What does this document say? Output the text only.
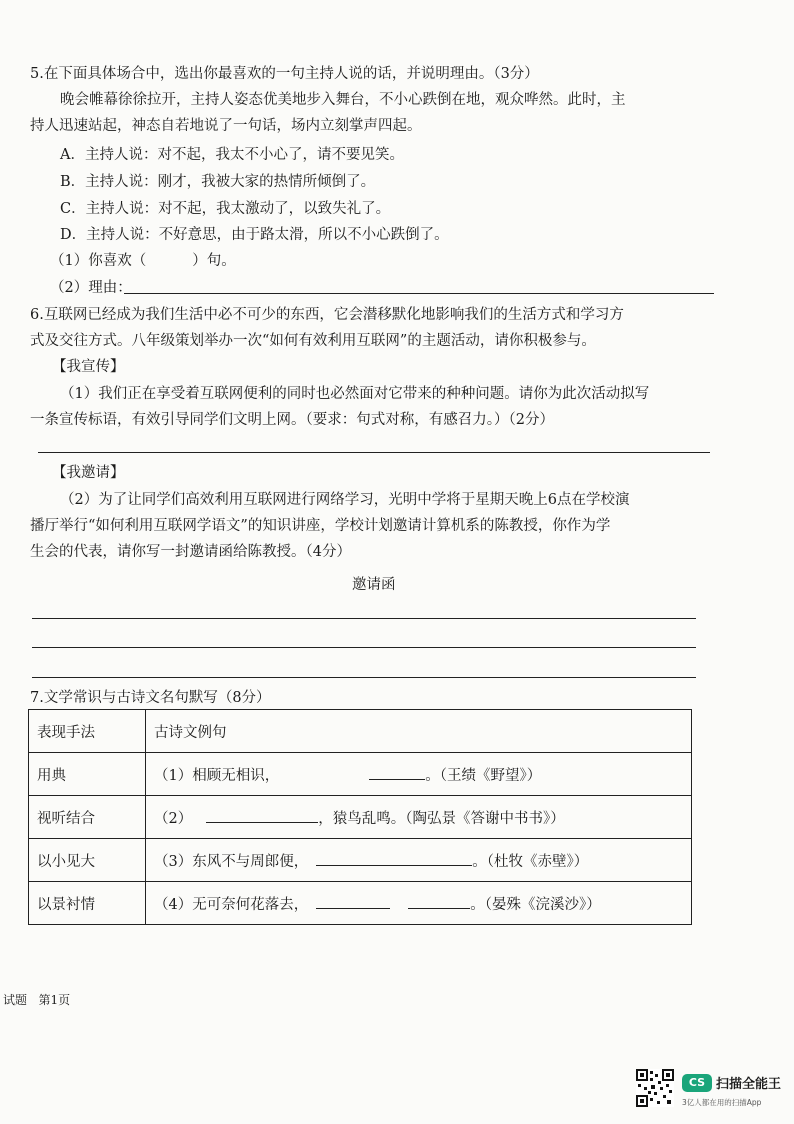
5.在下面具体场合中，选出你最喜欢的一句主持人说的话，并说明理由。（3分）
晚会帷幕徐徐拉开，主持人姿态优美地步入舞台，不小心跌倒在地，观众哗然。此时，主
持人迅速站起，神态自若地说了一句话，场内立刻掌声四起。
A．主持人说：对不起，我太不小心了，请不要见笑。
B．主持人说：刚才，我被大家的热情所倾倒了。
C．主持人说：对不起，我太激动了，以致失礼了。
D．主持人说：不好意思，由于路太滑，所以不小心跌倒了。
（1）你喜欢（	）句。
（2）理由：
6.互联网已经成为我们生活中必不可少的东西，它会潜移默化地影响我们的生活方式和学习方
式及交往方式。八年级策划举办一次“如何有效利用互联网”的主题活动，请你积极参与。
【我宣传】
（1）我们正在享受着互联网便利的同时也必然面对它带来的种种问题。请你为此次活动拟写
一条宣传标语，有效引导同学们文明上网。（要求：句式对称，有感召力。）（2分）
【我邀请】
（2）为了让同学们高效利用互联网进行网络学习，光明中学将于星期天晚上6点在学校演
播厅举行“如何利用互联网学语文”的知识讲座，学校计划邀请计算机系的陈教授，你作为学
生会的代表，请你写一封邀请函给陈教授。（4分）
邀请函
7.文学常识与古诗文名句默写（8分）
表现手法	古诗文例句
用典	（1）相顾无相识， 。（王绩《野望》）
视听结合	（2） ，猿鸟乱鸣。（陶弘景《答谢中书书》）
以小见大	（3）东风不与周郎便， 。（杜牧《赤壁》）
以景衬情	（4）无可奈何花落去， 。（晏殊《浣溪沙》）
试题 第1页
CS 扫描全能王
3亿人都在用的扫描App
